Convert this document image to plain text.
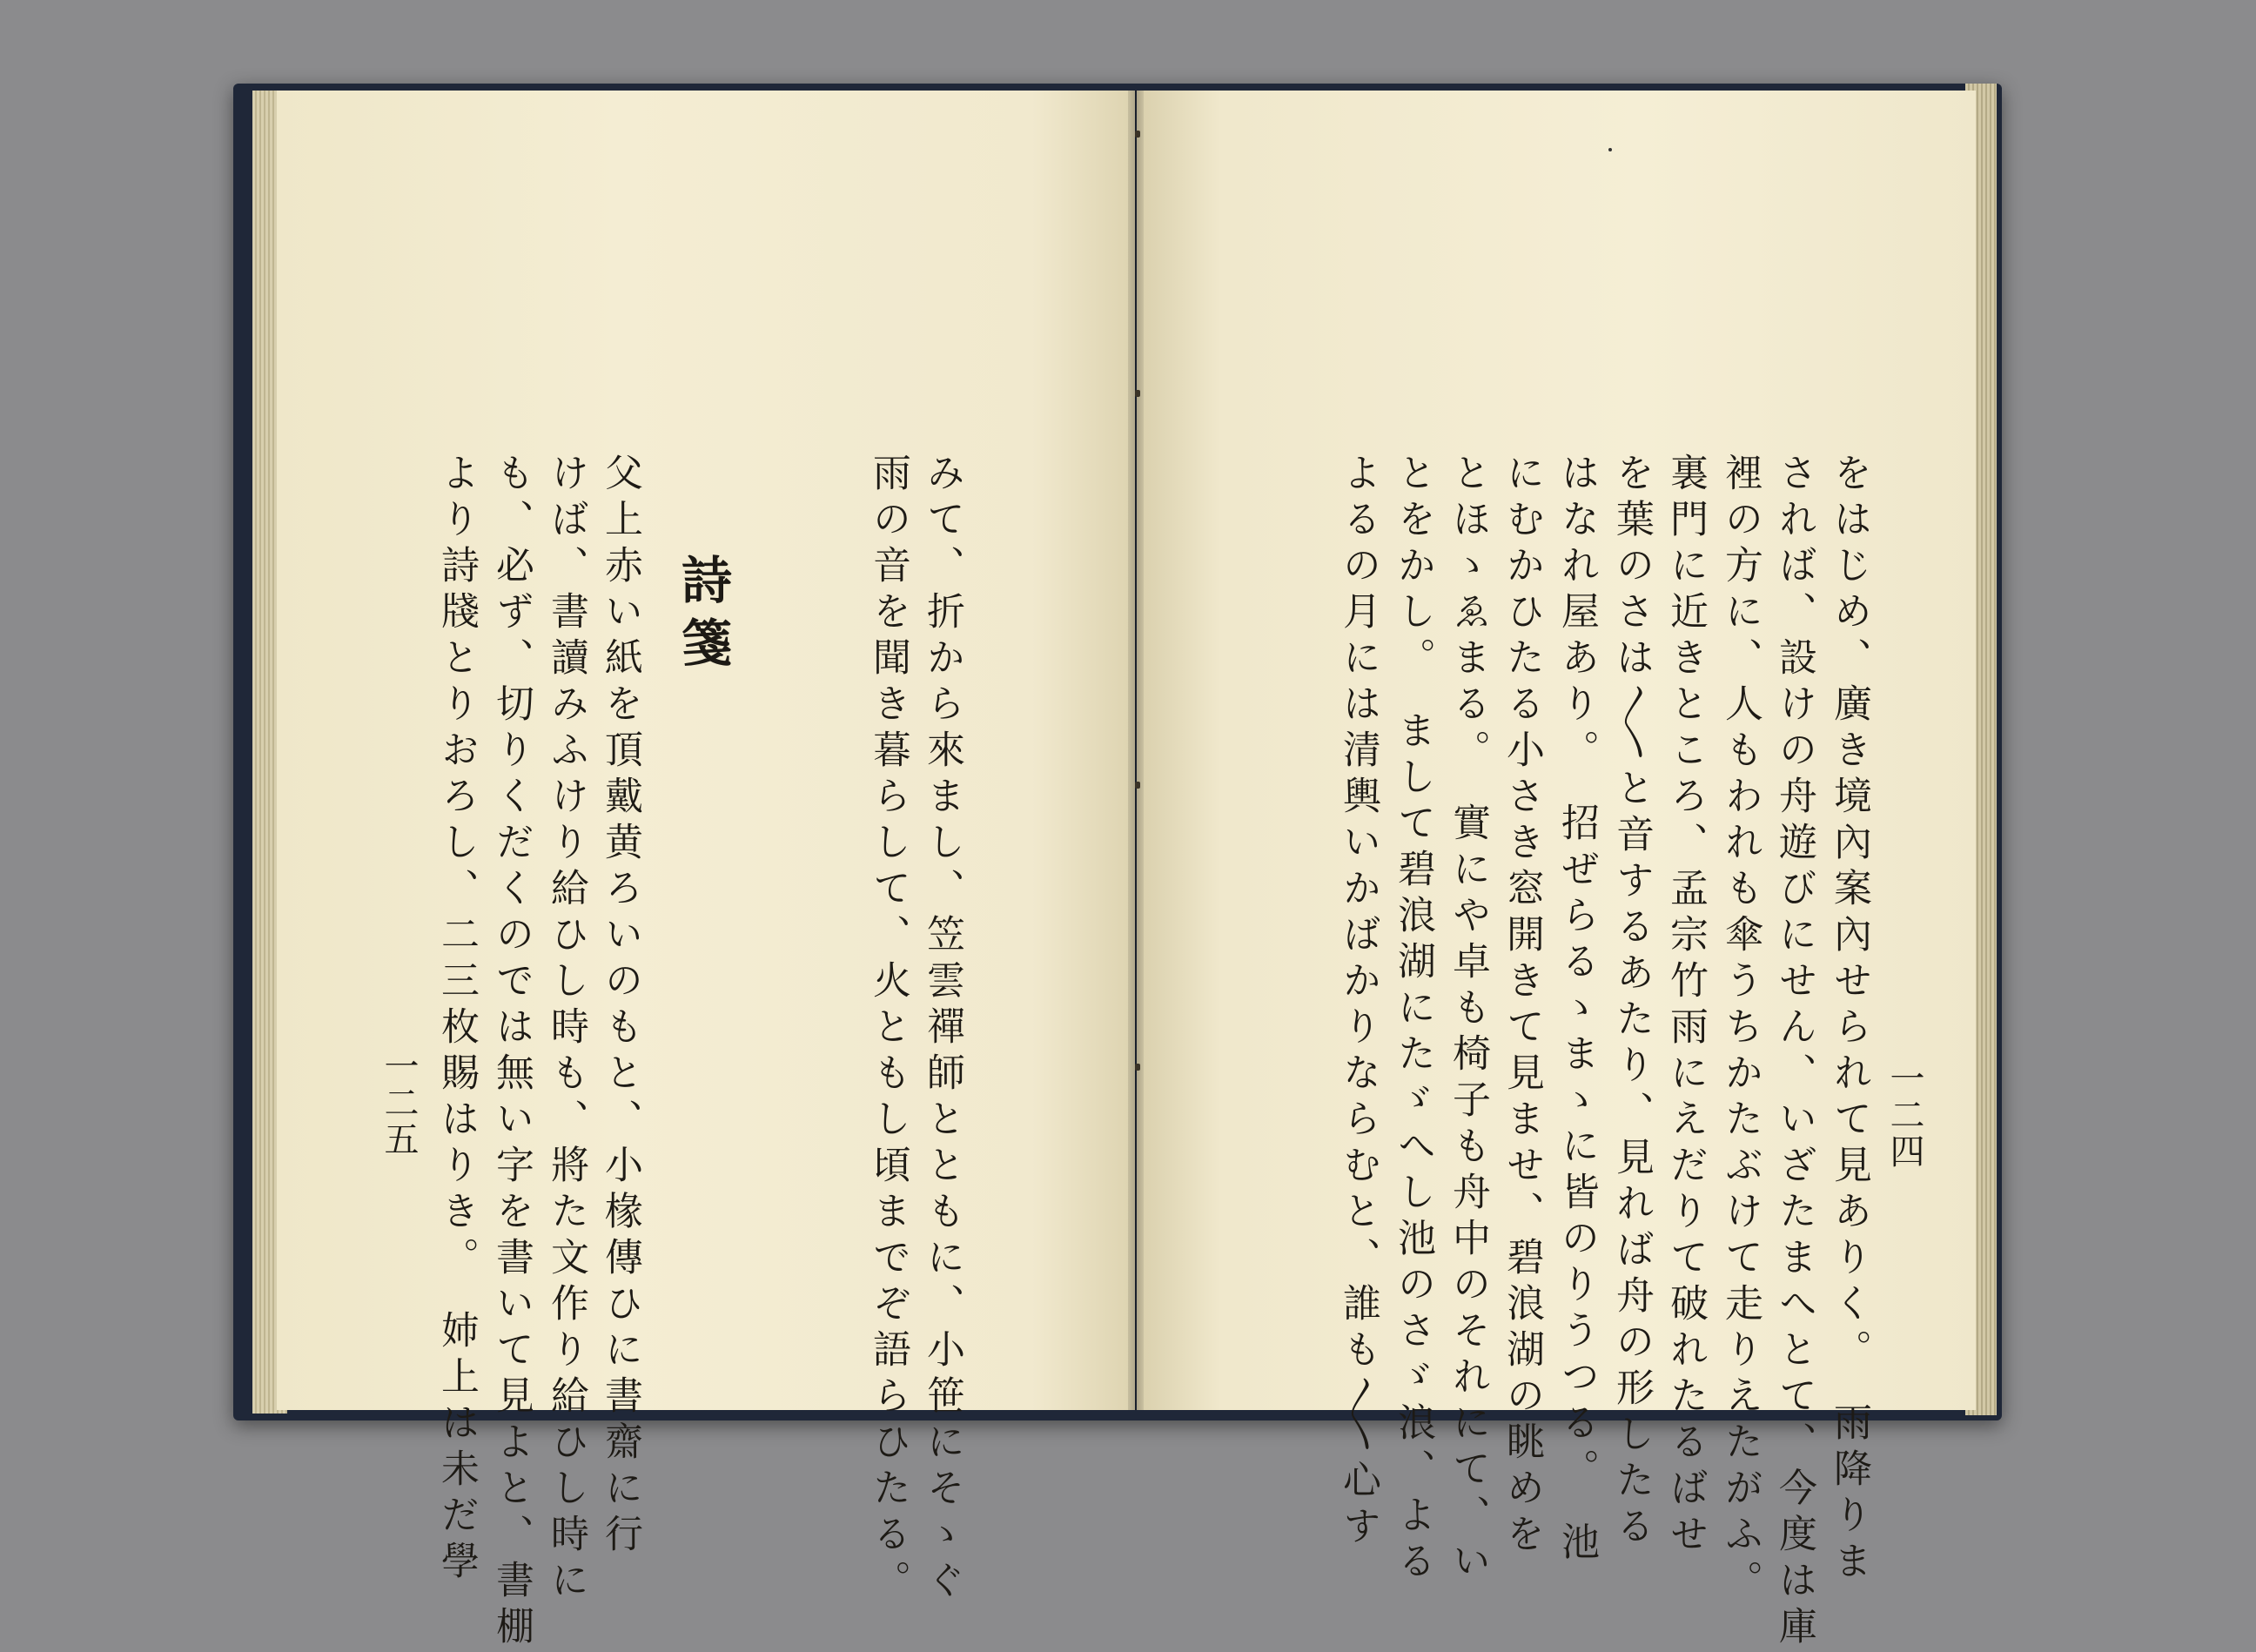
一二四
をはじめ、廣き境內案內せられて見ありく。　雨降りま
されば、設けの舟遊びにせん、いざたまへとて、今度は庫
裡の方に、人もわれも傘うちかたぶけて走りえたがふ。
裏門に近きところ、孟宗竹雨にえだりて破れたるばせ
を葉のさは〳〵と音するあたり、見れば舟の形したる
はなれ屋あり。　招ぜらるゝまゝに皆のりうつる。　池
にむかひたる小さき窓開きて見ませ、碧浪湖の眺めを
とほゝゑまる。　實にや卓も椅子も舟中のそれにて、い
とをかし。　まして碧浪湖にたゞへし池のさゞ浪、よる
よるの月には清輿いかばかりならむと、誰も〳〵心す
みて、折から來まし、笠雲禪師とともに、小笹にそゝぐ
雨の音を聞き暮らして、火ともし頃までぞ語らひたる。
詩箋
父上赤い紙を頂戴黄ろいのもと、小椽傳ひに書齋に行
けば、書讀みふけり給ひし時も、將た文作り給ひし時に
も、必ず、切りくだくのでは無い字を書いて見よと、書棚
より詩牋とりおろし、二三枚賜はりき。　姉上は未だ學
一二五
